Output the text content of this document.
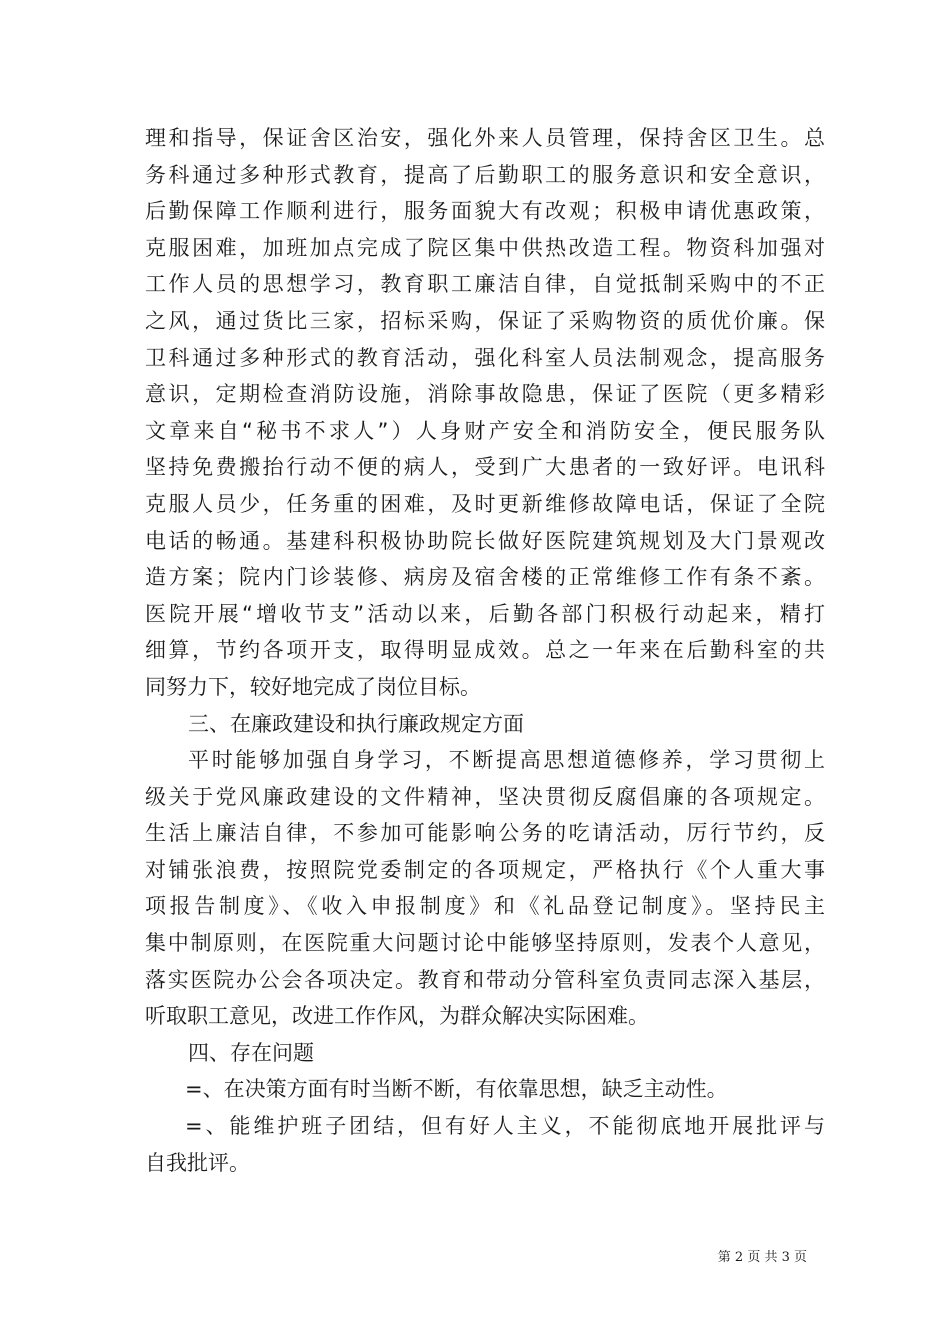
理和指导，保证舍区治安，强化外来人员管理，保持舍区卫生。总
务科通过多种形式教育，提高了后勤职工的服务意识和安全意识，
后勤保障工作顺利进行，服务面貌大有改观；积极申请优惠政策，
克服困难，加班加点完成了院区集中供热改造工程。物资科加强对
工作人员的思想学习，教育职工廉洁自律，自觉抵制采购中的不正
之风，通过货比三家，招标采购，保证了采购物资的质优价廉。保
卫科通过多种形式的教育活动，强化科室人员法制观念，提高服务
意识，定期检查消防设施，消除事故隐患，保证了医院（更多精彩
文章来自“秘书不求人”）人身财产安全和消防安全，便民服务队
坚持免费搬抬行动不便的病人，受到广大患者的一致好评。电讯科
克服人员少，任务重的困难，及时更新维修故障电话，保证了全院
电话的畅通。基建科积极协助院长做好医院建筑规划及大门景观改
造方案；院内门诊装修、病房及宿舍楼的正常维修工作有条不紊。
医院开展“增收节支”活动以来，后勤各部门积极行动起来，精打
细算，节约各项开支，取得明显成效。总之一年来在后勤科室的共
同努力下，较好地完成了岗位目标。
三、在廉政建设和执行廉政规定方面
平时能够加强自身学习，不断提高思想道德修养，学习贯彻上
级关于党风廉政建设的文件精神，坚决贯彻反腐倡廉的各项规定。
生活上廉洁自律，不参加可能影响公务的吃请活动，厉行节约，反
对铺张浪费，按照院党委制定的各项规定，严格执行《个人重大事
项报告制度》、《收入申报制度》和《礼品登记制度》。坚持民主
集中制原则，在医院重大问题讨论中能够坚持原则，发表个人意见，
落实医院办公会各项决定。教育和带动分管科室负责同志深入基层，
听取职工意见，改进工作作风，为群众解决实际困难。
四、存在问题
=、在决策方面有时当断不断，有依靠思想，缺乏主动性。
=、能维护班子团结，但有好人主义，不能彻底地开展批评与
自我批评。
第 2 页 共 3 页
